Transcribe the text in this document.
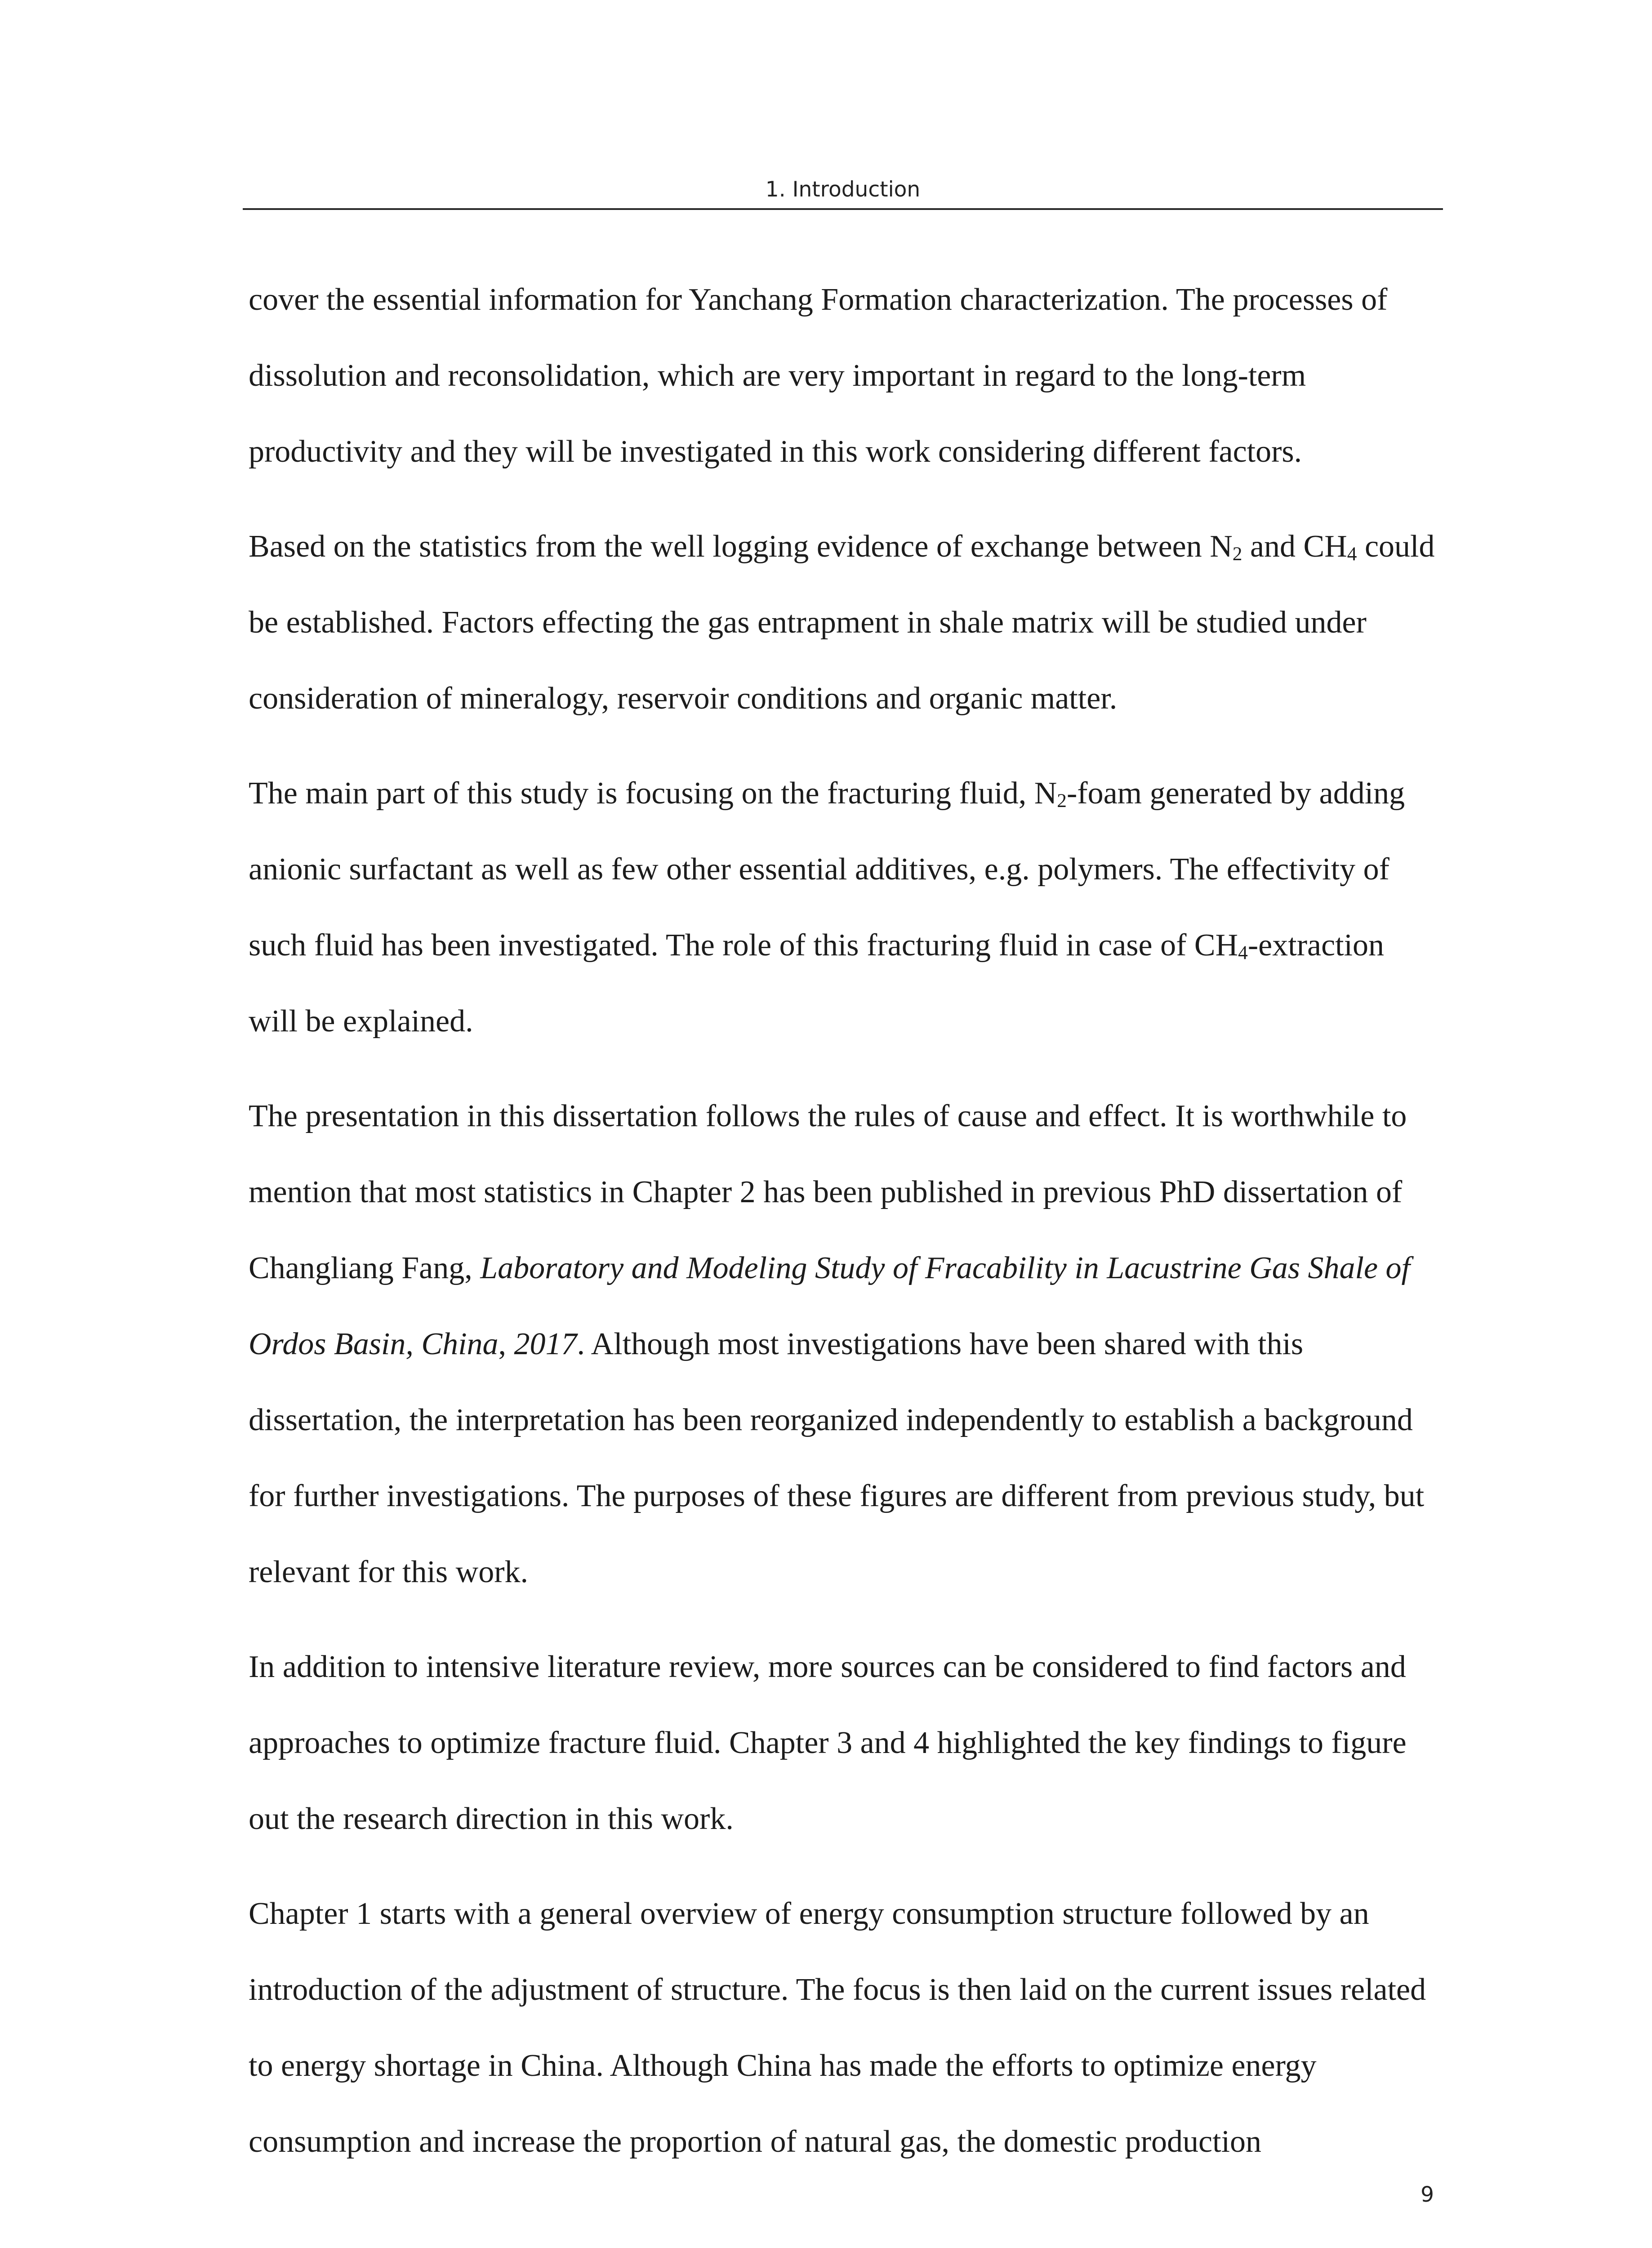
1. Introduction

cover the essential information for Yanchang Formation characterization. The processes of dissolution and reconsolidation, which are very important in regard to the long-term productivity and they will be investigated in this work considering different factors.

Based on the statistics from the well logging evidence of exchange between $N_2$ and $CH_4$ could be established. Factors effecting the gas entrapment in shale matrix will be studied under consideration of mineralogy, reservoir conditions and organic matter.

The main part of this study is focusing on the fracturing fluid, $N_2$-foam generated by adding anionic surfactant as well as few other essential additives, e.g. polymers. The effectivity of such fluid has been investigated. The role of this fracturing fluid in case of $CH_4$-extraction will be explained.

The presentation in this dissertation follows the rules of cause and effect. It is worthwhile to mention that most statistics in Chapter 2 has been published in previous PhD dissertation of Changliang Fang, Laboratory and Modeling Study of Fracability in Lacustrine Gas Shale of Ordos Basin, China, 2017. Although most investigations have been shared with this dissertation, the interpretation has been reorganized independently to establish a background for further investigations. The purposes of these figures are different from previous study, but relevant for this work.

In addition to intensive literature review, more sources can be considered to find factors and approaches to optimize fracture fluid. Chapter 3 and 4 highlighted the key findings to figure out the research direction in this work.

Chapter 1 starts with a general overview of energy consumption structure followed by an introduction of the adjustment of structure. The focus is then laid on the current issues related to energy shortage in China. Although China has made the efforts to optimize energy consumption and increase the proportion of natural gas, the domestic production

9
